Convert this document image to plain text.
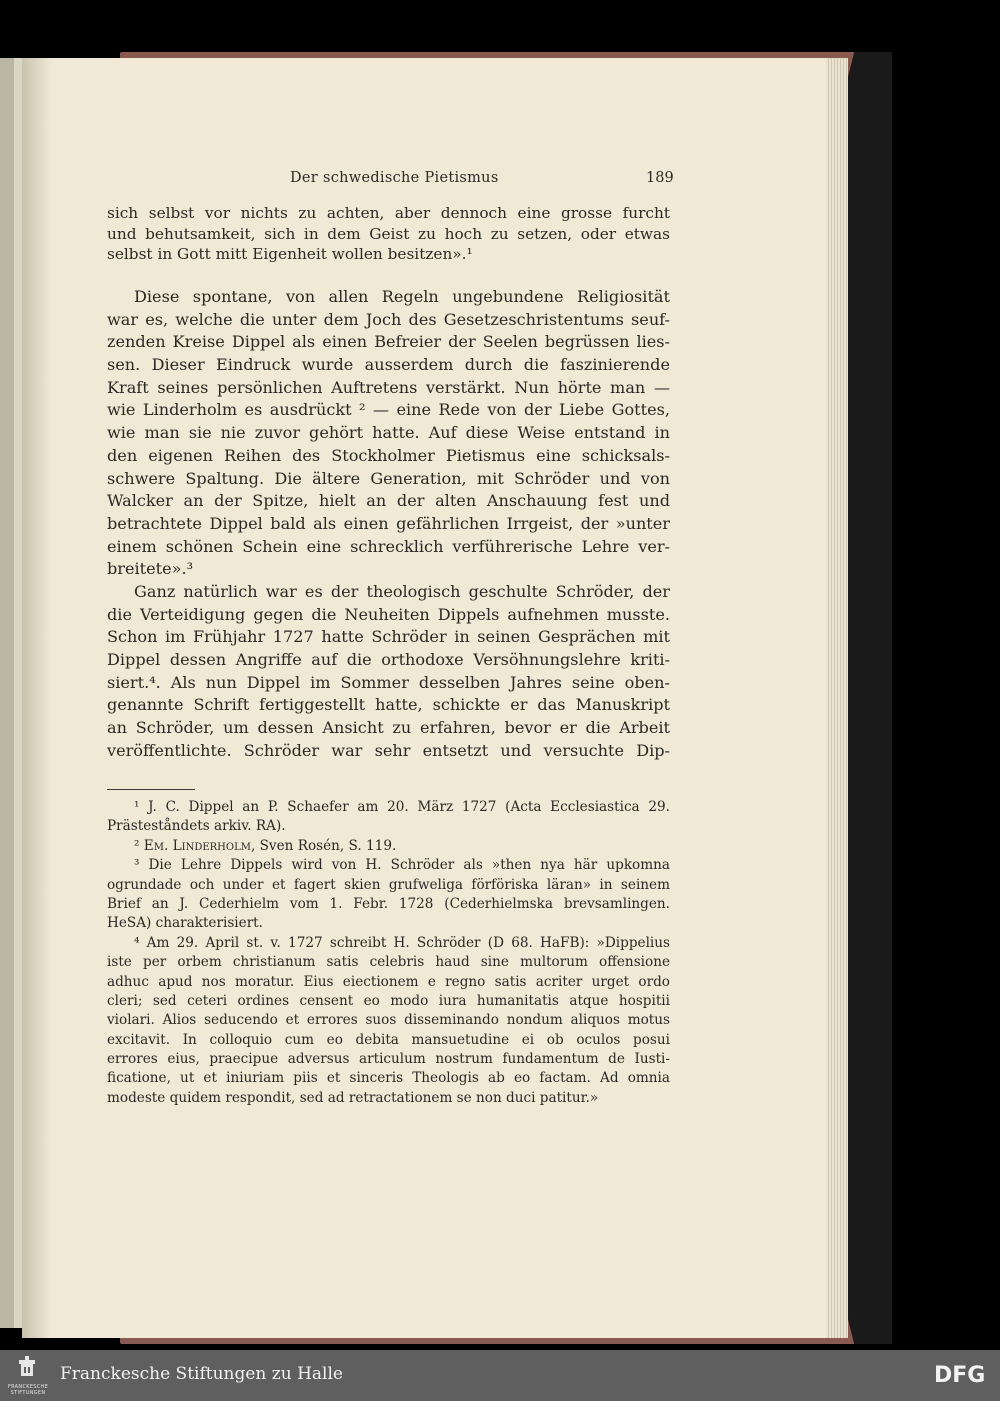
Der schwedische Pietismus	189
sich selbst vor nichts zu achten, aber dennoch eine grosse furcht
und behutsamkeit, sich in dem Geist zu hoch zu setzen, oder etwas
selbst in Gott mitt Eigenheit wollen besitzen».¹
Diese spontane, von allen Regeln ungebundene Religiosität
war es, welche die unter dem Joch des Gesetzeschristentums seuf-
zenden Kreise Dippel als einen Befreier der Seelen begrüssen lies-
sen. Dieser Eindruck wurde ausserdem durch die faszinierende
Kraft seines persönlichen Auftretens verstärkt. Nun hörte man —
wie Linderholm es ausdrückt ² — eine Rede von der Liebe Gottes,
wie man sie nie zuvor gehört hatte. Auf diese Weise entstand in
den eigenen Reihen des Stockholmer Pietismus eine schicksals-
schwere Spaltung. Die ältere Generation, mit Schröder und von
Walcker an der Spitze, hielt an der alten Anschauung fest und
betrachtete Dippel bald als einen gefährlichen Irrgeist, der »unter
einem schönen Schein eine schrecklich verführerische Lehre ver-
breitete».³
Ganz natürlich war es der theologisch geschulte Schröder, der
die Verteidigung gegen die Neuheiten Dippels aufnehmen musste.
Schon im Frühjahr 1727 hatte Schröder in seinen Gesprächen mit
Dippel dessen Angriffe auf die orthodoxe Versöhnungslehre kriti-
siert.⁴. Als nun Dippel im Sommer desselben Jahres seine oben-
genannte Schrift fertiggestellt hatte, schickte er das Manuskript
an Schröder, um dessen Ansicht zu erfahren, bevor er die Arbeit
veröffentlichte. Schröder war sehr entsetzt und versuchte Dip-
¹ J. C. Dippel an P. Schaefer am 20. März 1727 (Acta Ecclesiastica 29.
Prästeståndets arkiv. RA).
² Em. Linderholm, Sven Rosén, S. 119.
³ Die Lehre Dippels wird von H. Schröder als »then nya här upkomna
ogrundade och under et fagert skien grufweliga förföriska läran» in seinem
Brief an J. Cederhielm vom 1. Febr. 1728 (Cederhielmska brevsamlingen.
HeSA) charakterisiert.
⁴ Am 29. April st. v. 1727 schreibt H. Schröder (D 68. HaFB): »Dippelius
iste per orbem christianum satis celebris haud sine multorum offensione
adhuc apud nos moratur. Eius eiectionem e regno satis acriter urget ordo
cleri; sed ceteri ordines censent eo modo iura humanitatis atque hospitii
violari. Alios seducendo et errores suos disseminando nondum aliquos motus
excitavit. In colloquio cum eo debita mansuetudine ei ob oculos posui
errores eius, praecipue adversus articulum nostrum fundamentum de Iusti-
ficatione, ut et iniuriam piis et sinceris Theologis ab eo factam. Ad omnia
modeste quidem respondit, sed ad retractationem se non duci patitur.»
FRANCKESCHE
STIFTUNGEN
Franckesche Stiftungen zu Halle	DFG
